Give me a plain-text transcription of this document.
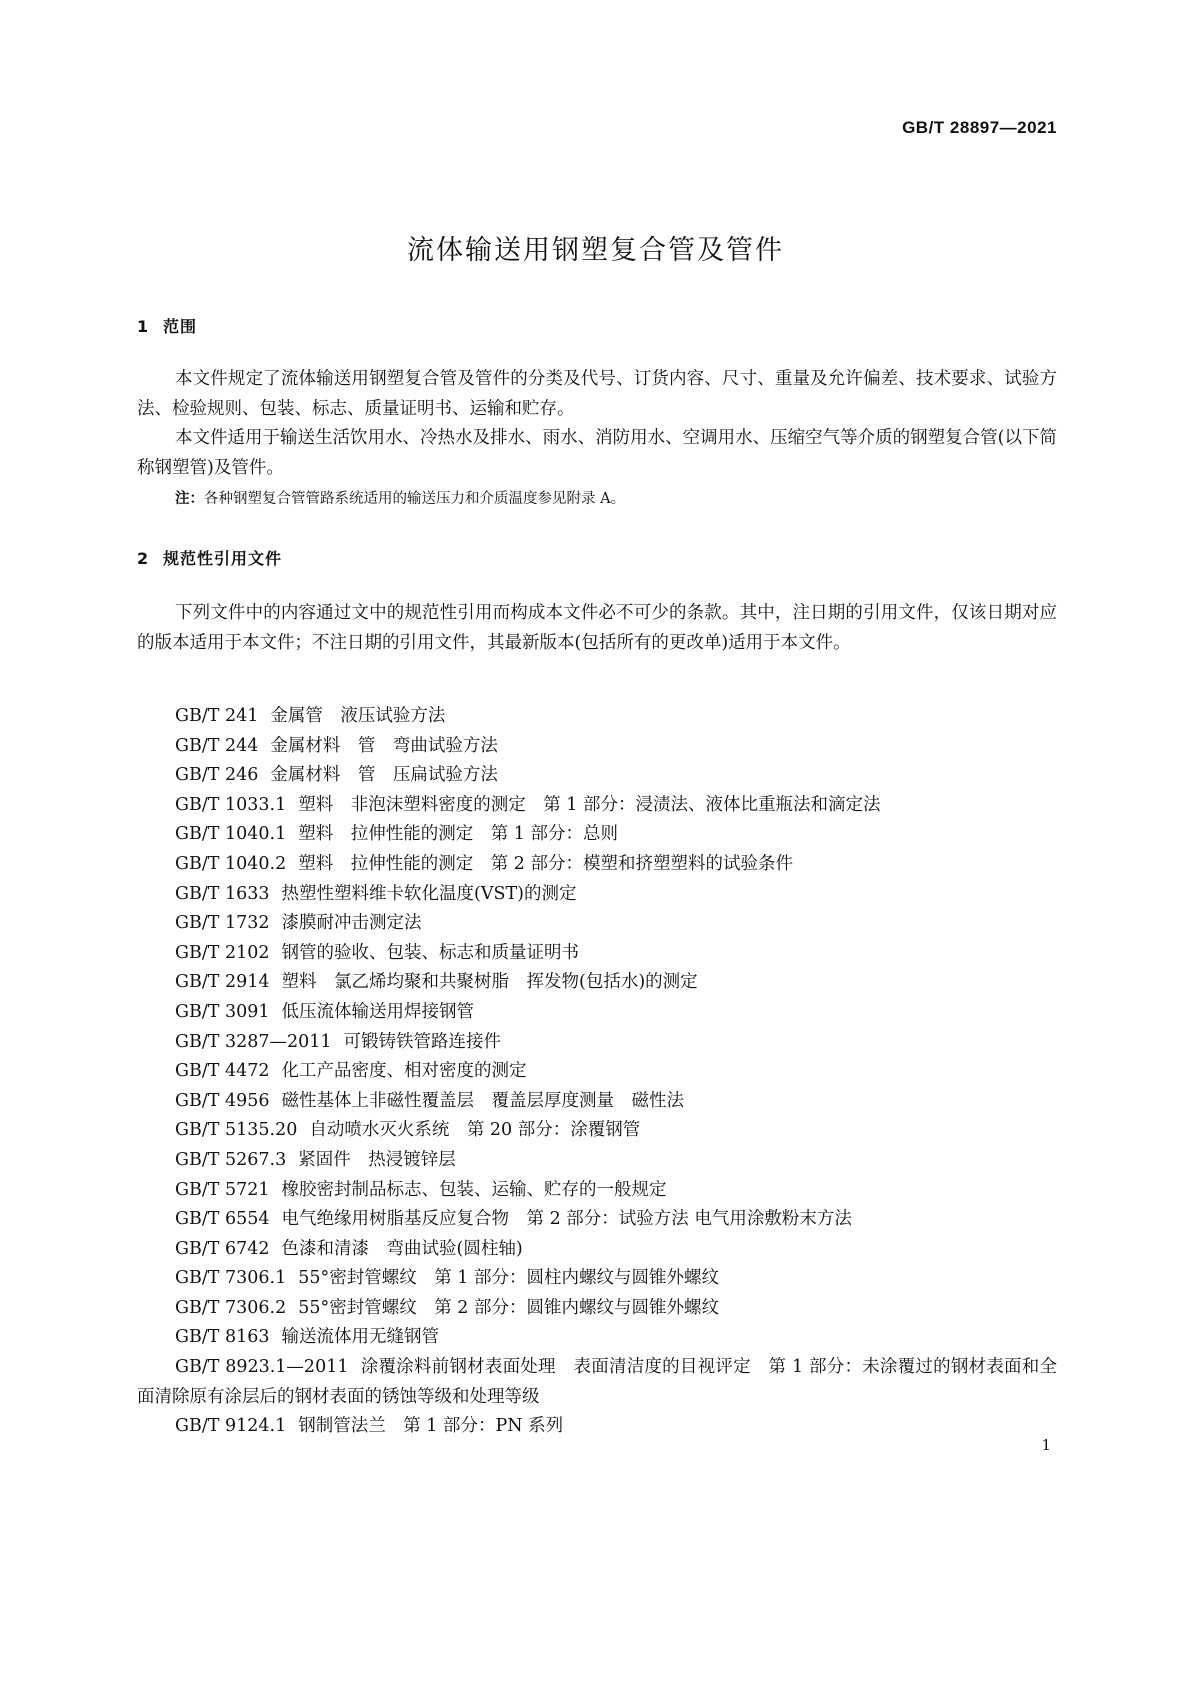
GB/T 28897—2021
流体输送用钢塑复合管及管件
1 范围
本文件规定了流体输送用钢塑复合管及管件的分类及代号、订货内容、尺寸、重量及允许偏差、技术要求、试验方法、检验规则、包装、标志、质量证明书、运输和贮存。
本文件适用于输送生活饮用水、冷热水及排水、雨水、消防用水、空调用水、压缩空气等介质的钢塑复合管(以下简称钢塑管)及管件。
注：各种钢塑复合管管路系统适用的输送压力和介质温度参见附录 A。
2 规范性引用文件
下列文件中的内容通过文中的规范性引用而构成本文件必不可少的条款。其中，注日期的引用文件，仅该日期对应的版本适用于本文件；不注日期的引用文件，其最新版本(包括所有的更改单)适用于本文件。
GB/T 241 金属管　液压试验方法
GB/T 244 金属材料　管　弯曲试验方法
GB/T 246 金属材料　管　压扁试验方法
GB/T 1033.1 塑料　非泡沫塑料密度的测定　第 1 部分：浸渍法、液体比重瓶法和滴定法
GB/T 1040.1 塑料　拉伸性能的测定　第 1 部分：总则
GB/T 1040.2 塑料　拉伸性能的测定　第 2 部分：模塑和挤塑塑料的试验条件
GB/T 1633 热塑性塑料维卡软化温度(VST)的测定
GB/T 1732 漆膜耐冲击测定法
GB/T 2102 钢管的验收、包装、标志和质量证明书
GB/T 2914 塑料　氯乙烯均聚和共聚树脂　挥发物(包括水)的测定
GB/T 3091 低压流体输送用焊接钢管
GB/T 3287—2011 可锻铸铁管路连接件
GB/T 4472 化工产品密度、相对密度的测定
GB/T 4956 磁性基体上非磁性覆盖层　覆盖层厚度测量　磁性法
GB/T 5135.20 自动喷水灭火系统　第 20 部分：涂覆钢管
GB/T 5267.3 紧固件　热浸镀锌层
GB/T 5721 橡胶密封制品标志、包装、运输、贮存的一般规定
GB/T 6554 电气绝缘用树脂基反应复合物　第 2 部分：试验方法 电气用涂敷粉末方法
GB/T 6742 色漆和清漆　弯曲试验(圆柱轴)
GB/T 7306.1 55°密封管螺纹　第 1 部分：圆柱内螺纹与圆锥外螺纹
GB/T 7306.2 55°密封管螺纹　第 2 部分：圆锥内螺纹与圆锥外螺纹
GB/T 8163 输送流体用无缝钢管
GB/T 8923.1—2011 涂覆涂料前钢材表面处理　表面清洁度的目视评定　第 1 部分：未涂覆过的钢材表面和全面清除原有涂层后的钢材表面的锈蚀等级和处理等级
GB/T 9124.1 钢制管法兰　第 1 部分：PN 系列
1
